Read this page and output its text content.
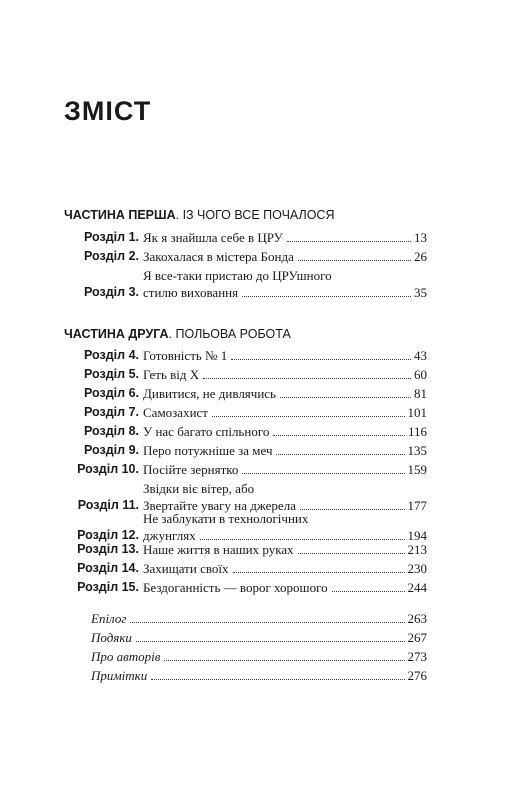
ЗМІСТ
ЧАСТИНА ПЕРША. ІЗ ЧОГО ВСЕ ПОЧАЛОСЯ
ЧАСТИНА ДРУГА. ПОЛЬОВА РОБОТА
Розділ 1. Як я знайшла себе в ЦРУ	13
Розділ 2. Закохалася в містера Бонда	26
Розділ 3.
Я все-таки пристаю до ЦРУшного
стилю виховання	35
Розділ 4. Готовність № 1	43
Розділ 5. Геть від Х	60
Розділ 6. Дивитися, не дивлячись	81
Розділ 7. Самозахист	101
Розділ 8. У нас багато спільного	116
Розділ 9. Перо потужніше за меч	135
Розділ 10. Посійте зернятко	159
Розділ 11.
Звідки віє вітер, або
Звертайте увагу на джерела	177
Розділ 12.
Не заблукати в технологічних
джунглях	194
Розділ 13. Наше життя в наших руках	213
Розділ 14. Захищати своїх	230
Розділ 15. Бездоганність — ворог хорошого	244
Епілог	263
Подяки	267
Про авторів	273
Примітки	276
